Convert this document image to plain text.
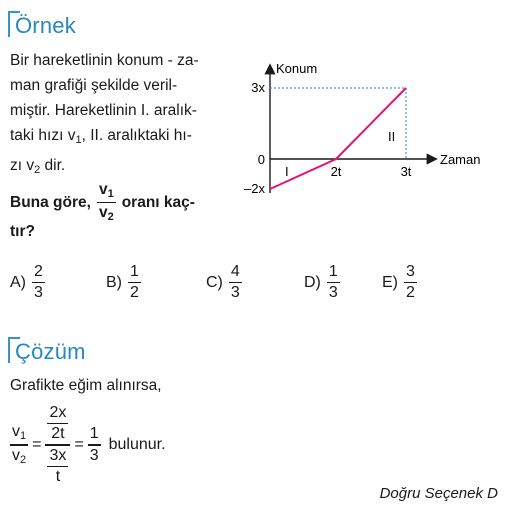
Örnek
Bir hareketlinin konum - za-
man grafiği şekilde veril-
miştir. Hareketlinin I. aralık-
taki hızı $v_1$, II. aralıktaki hı-
zı $v_2$ dir.
Buna göre, $\frac{v_1}{v_2}$ oranı kaç-
tır?
Konum
Zaman
3x
0
–2x
2t	3t
I
II
$A) \frac{2}{3}$	$B) \frac{1}{2}$	$C) \frac{4}{3}$	$D) \frac{1}{3}$	$E) \frac{3}{2}$
Çözüm
Grafikte eğim alınırsa,
$\frac{v_1}{v_2} = \frac{\frac{2x}{2t}}{\frac{3x}{t}} = \frac{1}{3}$ bulunur.
Doğru Seçenek D
